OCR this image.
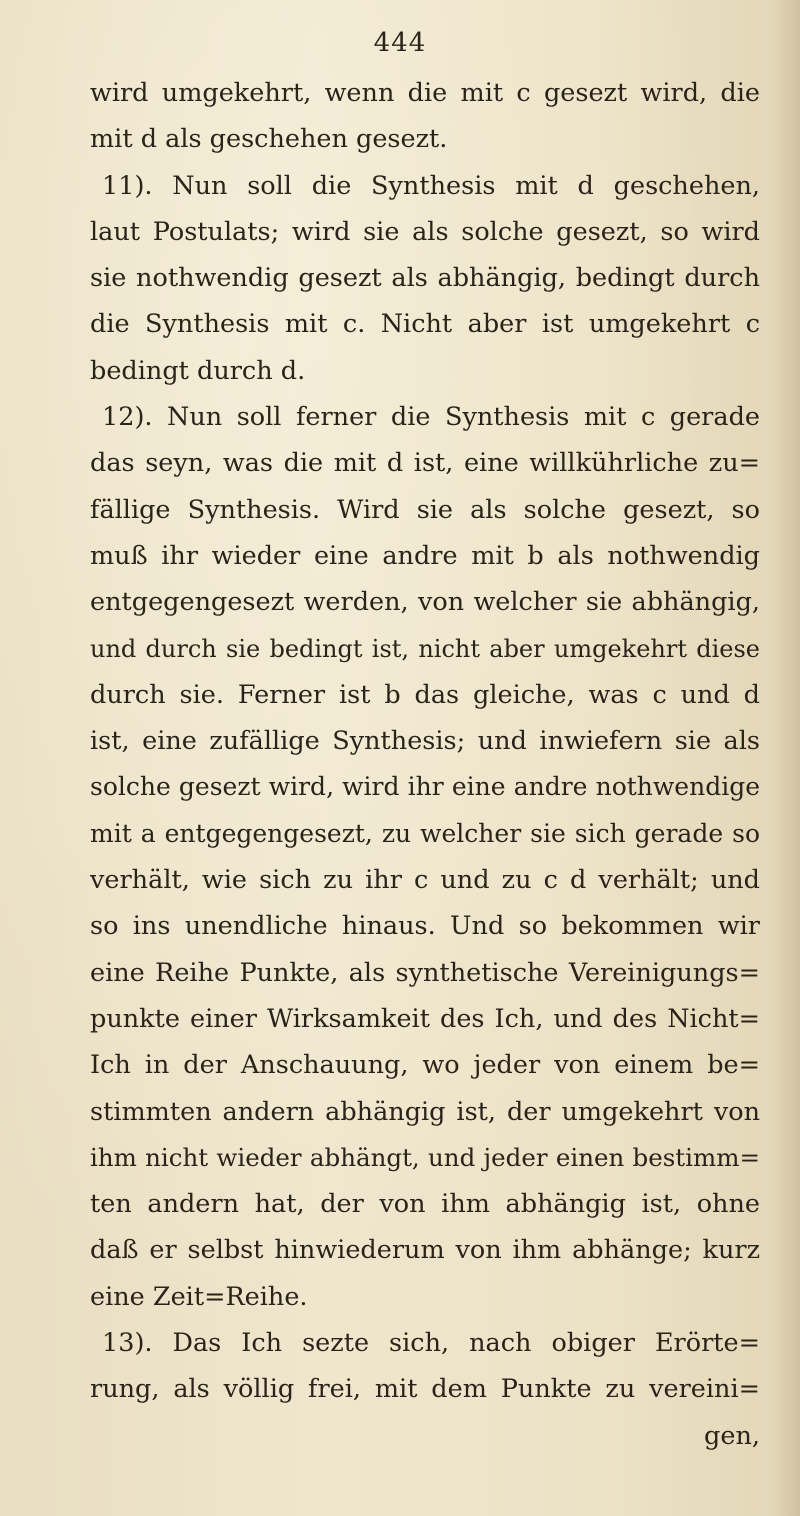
444
wird umgekehrt, wenn die mit c gesezt wird, die
mit d als geschehen gesezt.
11). Nun soll die Synthesis mit d geschehen,
laut Postulats; wird sie als solche gesezt, so wird
sie nothwendig gesezt als abhängig, bedingt durch
die Synthesis mit c. Nicht aber ist umgekehrt c
bedingt durch d.
12). Nun soll ferner die Synthesis mit c gerade
das seyn, was die mit d ist, eine willkührliche zu=
fällige Synthesis. Wird sie als solche gesezt, so
muß ihr wieder eine andre mit b als nothwendig
entgegengesezt werden, von welcher sie abhängig,
und durch sie bedingt ist, nicht aber umgekehrt diese
durch sie. Ferner ist b das gleiche, was c und d
ist, eine zufällige Synthesis; und inwiefern sie als
solche gesezt wird, wird ihr eine andre nothwendige
mit a entgegengesezt, zu welcher sie sich gerade so
verhält, wie sich zu ihr c und zu c d verhält; und
so ins unendliche hinaus. Und so bekommen wir
eine Reihe Punkte, als synthetische Vereinigungs=
punkte einer Wirksamkeit des Ich, und des Nicht=
Ich in der Anschauung, wo jeder von einem be=
stimmten andern abhängig ist, der umgekehrt von
ihm nicht wieder abhängt, und jeder einen bestimm=
ten andern hat, der von ihm abhängig ist, ohne
daß er selbst hinwiederum von ihm abhänge; kurz
eine Zeit=Reihe.
13). Das Ich sezte sich, nach obiger Erörte=
rung, als völlig frei, mit dem Punkte zu vereini=
gen,
